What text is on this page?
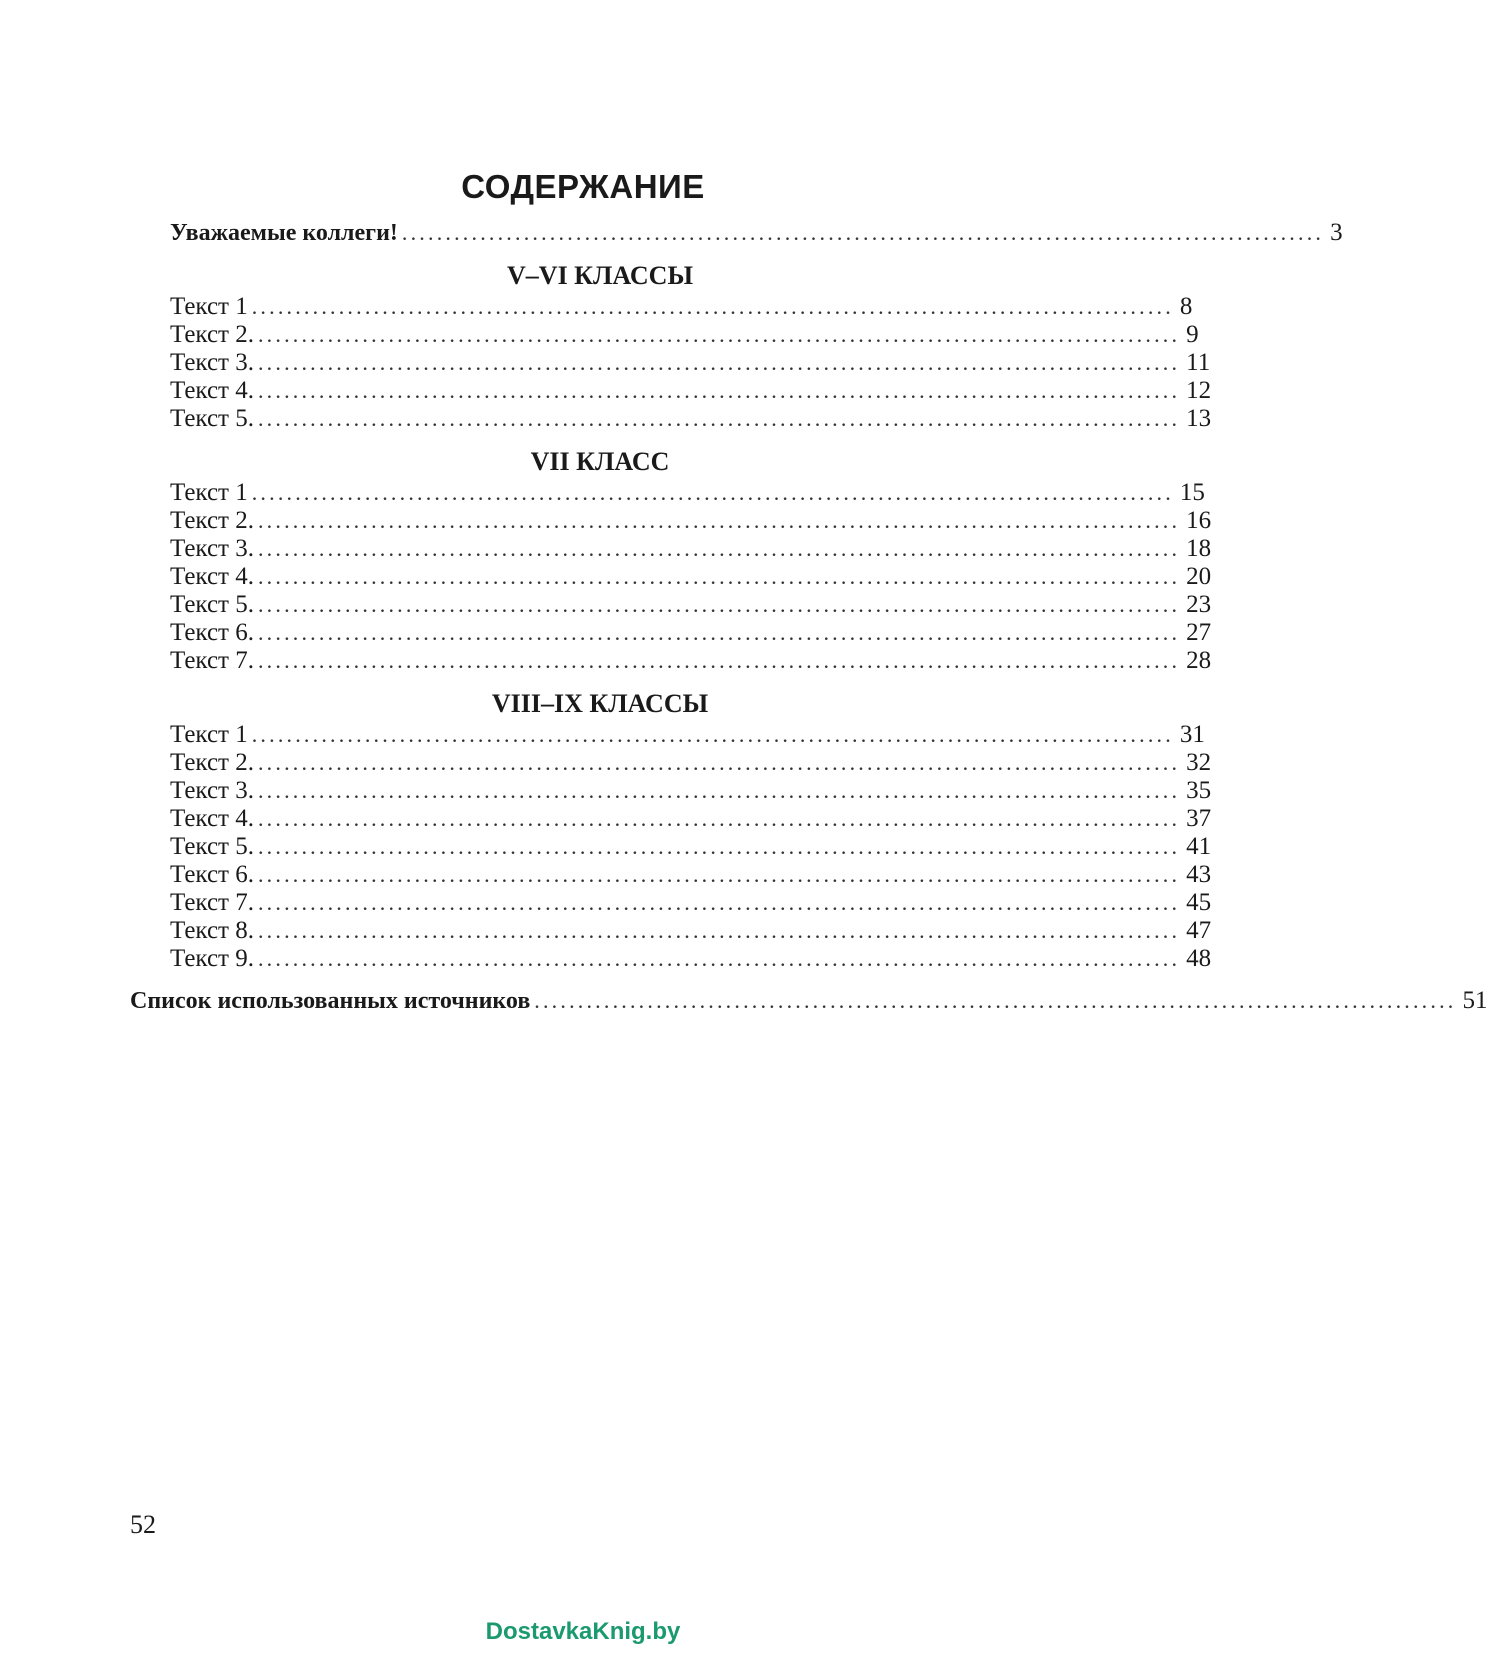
СОДЕРЖАНИЕ
Уважаемые коллеги! .......................................................................................................... 3
V–VI КЛАССЫ
Текст 1 .......................................................................................................... 8
Текст 2. .......................................................................................................... 9
Текст 3. .......................................................................................................... 11
Текст 4. .......................................................................................................... 12
Текст 5. .......................................................................................................... 13
VII КЛАСС
Текст 1 .......................................................................................................... 15
Текст 2. .......................................................................................................... 16
Текст 3. .......................................................................................................... 18
Текст 4. .......................................................................................................... 20
Текст 5. .......................................................................................................... 23
Текст 6. .......................................................................................................... 27
Текст 7. .......................................................................................................... 28
VIII–IX КЛАССЫ
Текст 1 .......................................................................................................... 31
Текст 2. .......................................................................................................... 32
Текст 3. .......................................................................................................... 35
Текст 4. .......................................................................................................... 37
Текст 5. .......................................................................................................... 41
Текст 6. .......................................................................................................... 43
Текст 7. .......................................................................................................... 45
Текст 8. .......................................................................................................... 47
Текст 9. .......................................................................................................... 48
Список использованных источников .......................................................................................................... 51
52
DostavkaKnig.by
